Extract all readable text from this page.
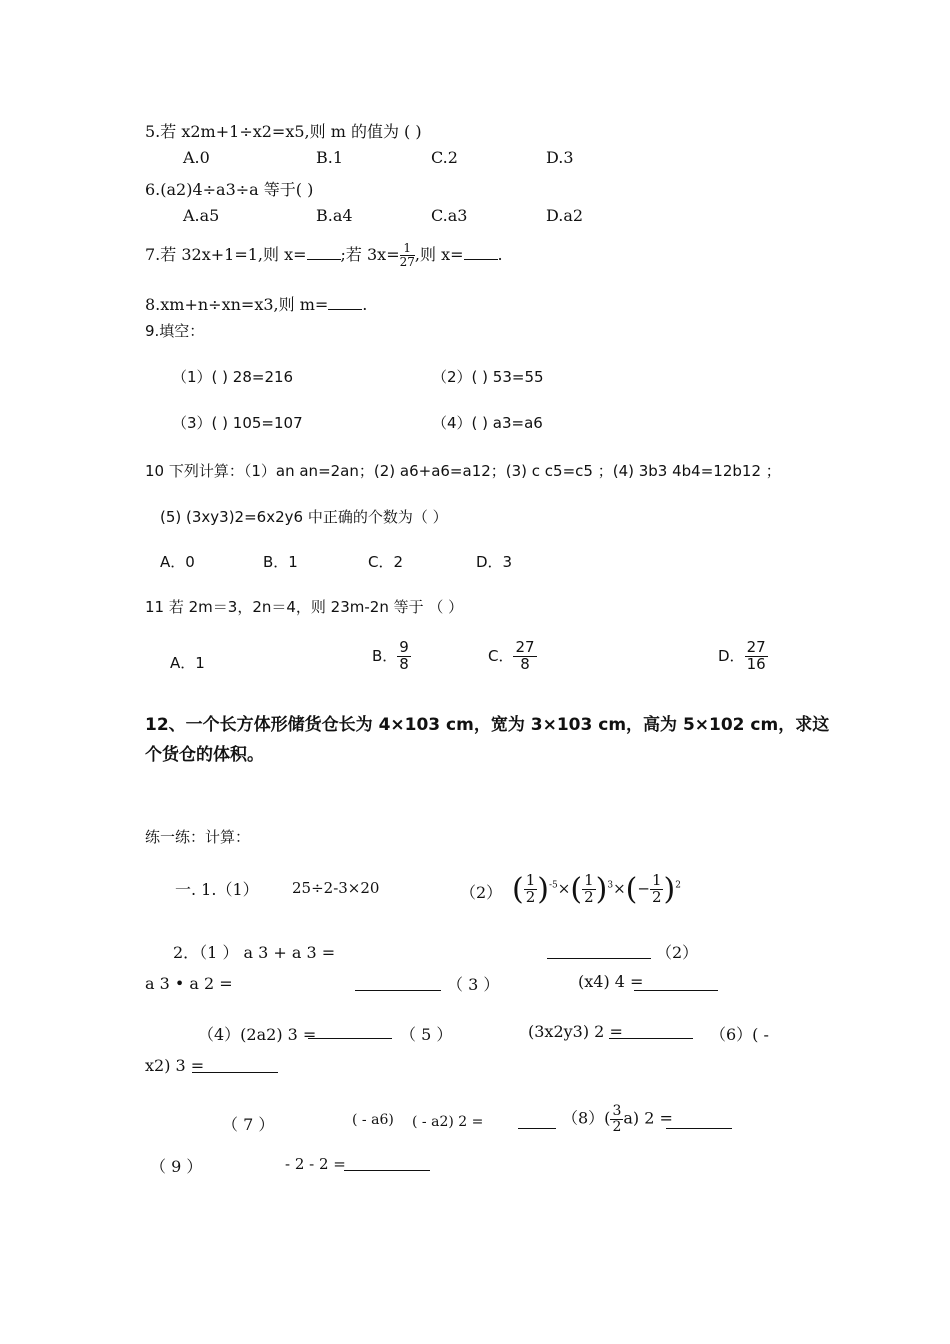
5.若 x2m+1÷x2=x5,则 m 的值为 ( )
A.0	B.1	C.2	D.3
6.(a2)4÷a3÷a 等于( )
A.a5	B.a4	C.a3	D.a2
7.若 32x+1=1,则 x= ;若 $3x= \frac{1}{27}$ ,则 x= .
8.xm+n÷xn=x3,则 m= .
9.填空：
（1）( ) 28=216	（2）( ) 53=55
（3）( ) 105=107	（4）( ) a3=a6
10 下列计算：（1）an an=2an；(2) a6+a6=a12；(3) c c5=c5 ；(4) 3b3 4b4=12b12 ；
(5) (3xy3)2=6x2y6 中正确的个数为（ ）
A．0	B．1	C．2	D．3
11 若 2m＝3，2n＝4，则 23m-2n 等于 （ ）
A．1	B． $\frac{9}{8}$	C． $\frac{27}{8}$	D． $\frac{27}{16}$
12、一个长方体形储货仓长为 4×103 cm，宽为 3×103 cm，高为 5×102 cm，求这
个货仓的体积。
练一练：计算：
一. 1.（1） 25÷2-3×20	（2） ( $\frac{1}{2} )^{-5}\times( \frac{1}{2} )^3\times(- \frac{1}{2} )^2$
2．（1 ） a 3 + a 3 =	（2）
a 3 • a 2 =	（ 3 ）	(x4) 4 =
（4）(2a2) 3 =	（ 5 ）	(3x2y3) 2 =	（6）( -
x2) 3 =
（ 7 ）	( - a6) ( - a2) 2 =	$(8)( \frac{3}{2} a)$ 2 =
（ 9 ）	- 2 - 2 =
